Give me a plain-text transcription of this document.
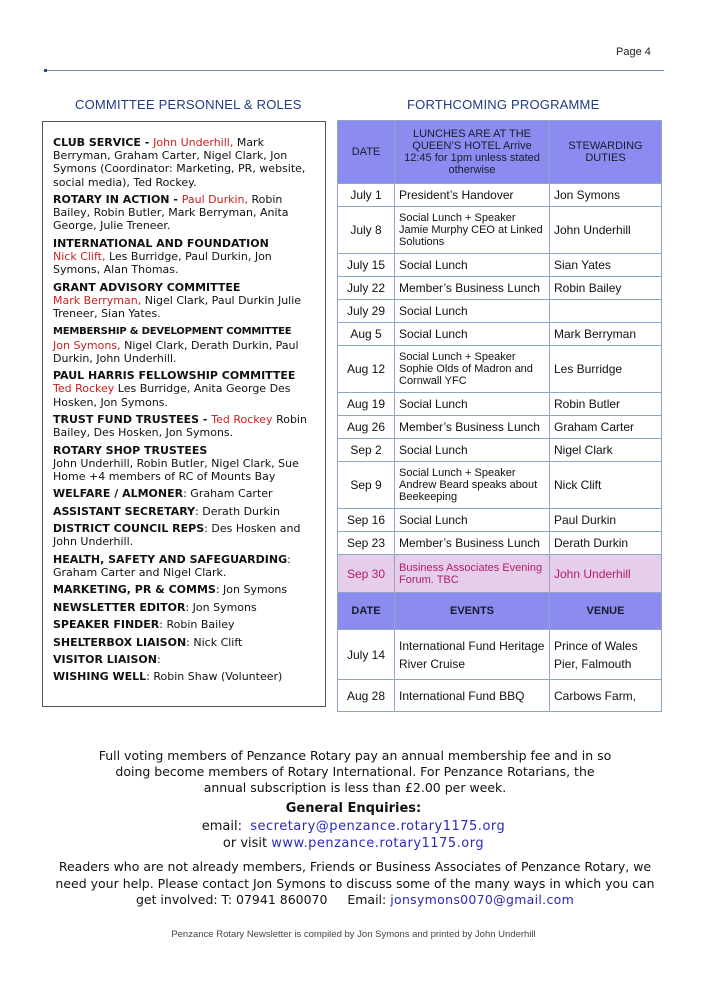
Page 4
COMMITTEE PERSONNEL & ROLES	FORTHCOMING PROGRAMME
CLUB SERVICE - John Underhill, Mark Berryman, Graham Carter, Nigel Clark, Jon Symons (Coordinator: Marketing, PR, website, social media), Ted Rockey.
ROTARY IN ACTION - Paul Durkin, Robin Bailey, Robin Butler, Mark Berryman, Anita George, Julie Treneer.
INTERNATIONAL AND FOUNDATION
Nick Clift, Les Burridge, Paul Durkin, Jon Symons, Alan Thomas.
GRANT ADVISORY COMMITTEE
Mark Berryman, Nigel Clark, Paul Durkin Julie Treneer, Sian Yates.
MEMBERSHIP & DEVELOPMENT COMMITTEE
Jon Symons, Nigel Clark, Derath Durkin, Paul Durkin, John Underhill.
PAUL HARRIS FELLOWSHIP COMMITTEE
Ted Rockey Les Burridge, Anita George Des Hosken, Jon Symons.
TRUST FUND TRUSTEES - Ted Rockey Robin Bailey, Des Hosken, Jon Symons.
ROTARY SHOP TRUSTEES
John Underhill, Robin Butler, Nigel Clark, Sue Home +4 members of RC of Mounts Bay
WELFARE / ALMONER: Graham Carter
ASSISTANT SECRETARY: Derath Durkin
DISTRICT COUNCIL REPS: Des Hosken and John Underhill.
HEALTH, SAFETY AND SAFEGUARDING: Graham Carter and Nigel Clark.
MARKETING, PR & COMMS: Jon Symons
NEWSLETTER EDITOR: Jon Symons
SPEAKER FINDER: Robin Bailey
SHELTERBOX LIAISON: Nick Clift
VISITOR LIAISON:
WISHING WELL: Robin Shaw (Volunteer)
DATE	LUNCHES ARE AT THE QUEEN’S HOTEL Arrive 12:45 for 1pm unless stated otherwise	STEWARDING DUTIES
July 1	President’s Handover	Jon Symons
July 8	Social Lunch + Speaker Jamie Murphy CEO at Linked Solutions	John Underhill
July 15	Social Lunch	Sian Yates
July 22	Member’s Business Lunch	Robin Bailey
July 29	Social Lunch	
Aug 5	Social Lunch	Mark Berryman
Aug 12	Social Lunch + Speaker Sophie Olds of Madron and Cornwall YFC	Les Burridge
Aug 19	Social Lunch	Robin Butler
Aug 26	Member’s Business Lunch	Graham Carter
Sep 2	Social Lunch	Nigel Clark
Sep 9	Social Lunch + Speaker Andrew Beard speaks about Beekeeping	Nick Clift
Sep 16	Social Lunch	Paul Durkin
Sep 23	Member’s Business Lunch	Derath Durkin
Sep 30	Business Associates Evening Forum. TBC	John Underhill
DATE	EVENTS	VENUE
July 14	International Fund Heritage River Cruise	Prince of Wales Pier, Falmouth
Aug 28	International Fund BBQ	Carbows Farm,
Full voting members of Penzance Rotary pay an annual membership fee and in so doing become members of Rotary International. For Penzance Rotarians, the annual subscription is less than £2.00 per week.
General Enquiries:
email: secretary@penzance.rotary1175.org
or visit www.penzance.rotary1175.org
Readers who are not already members, Friends or Business Associates of Penzance Rotary, we need your help. Please contact Jon Symons to discuss some of the many ways in which you can get involved: T: 07941 860070 Email: jonsymons0070@gmail.com
Penzance Rotary Newsletter is compiled by Jon Symons and printed by John Underhill
